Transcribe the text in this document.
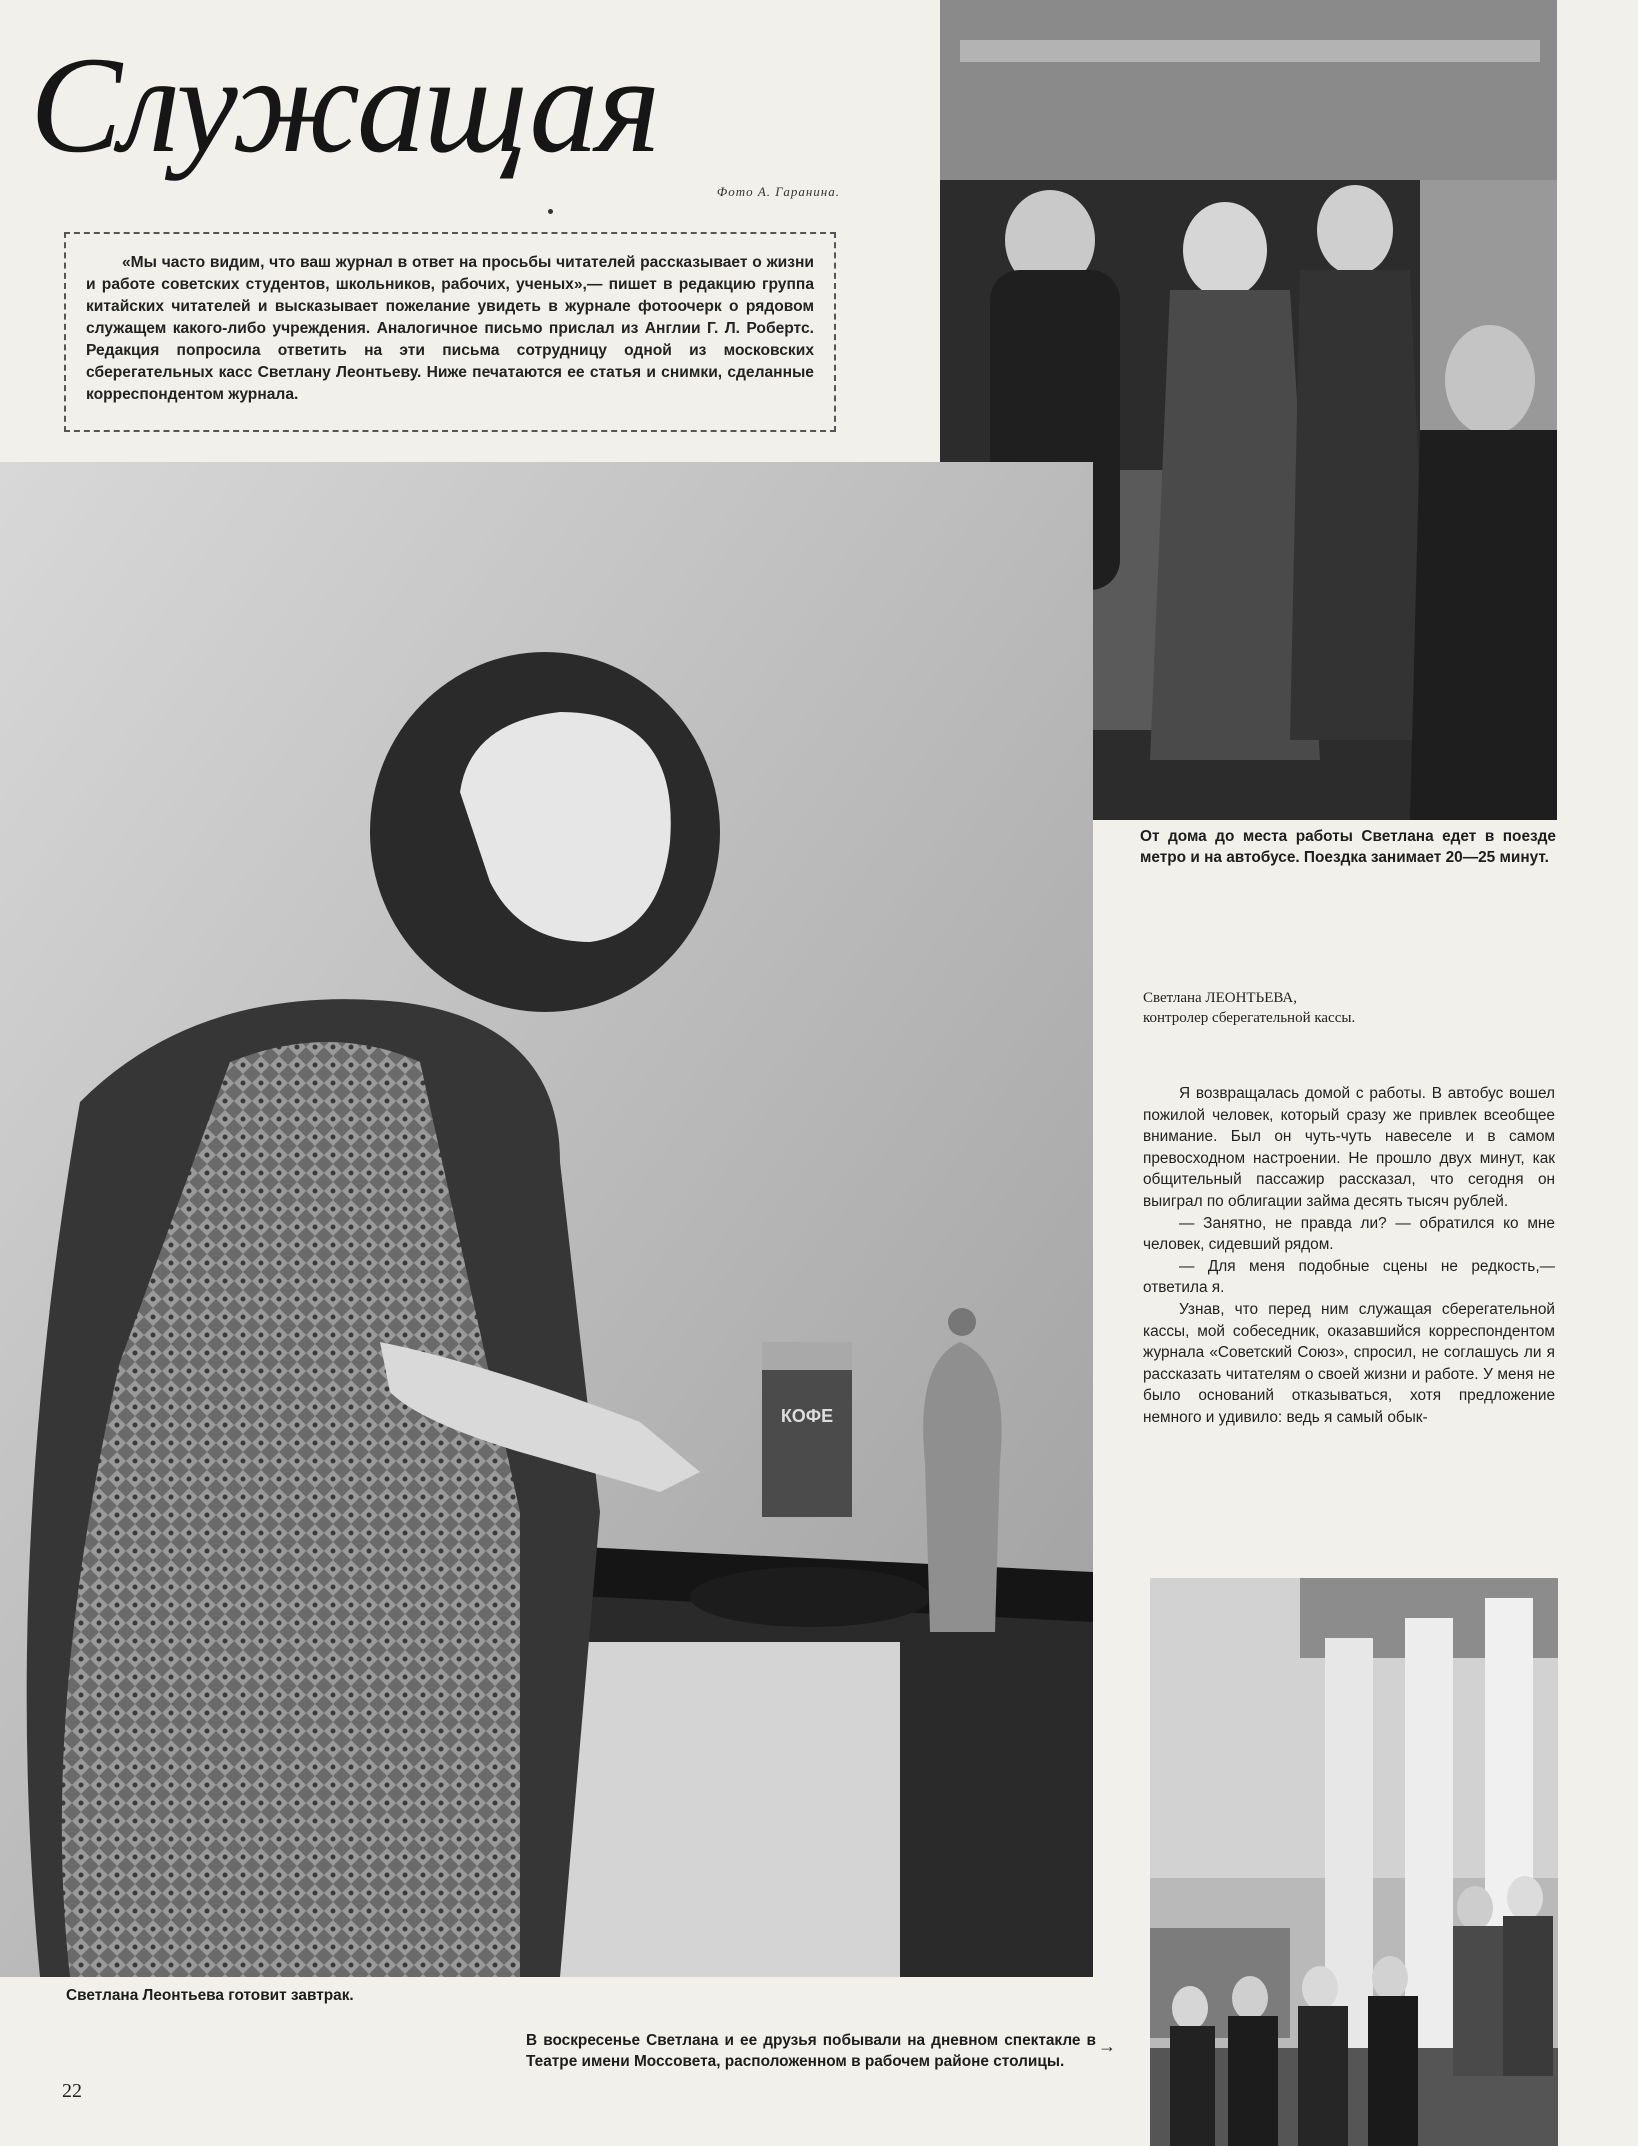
Служащая
Фото А. Гаранина.
«Мы часто видим, что ваш журнал в ответ на просьбы читателей рассказывает о жизни и работе советских студентов, школьников, рабочих, ученых»,— пишет в редакцию группа китайских читателей и высказывает пожелание увидеть в журнале фотоочерк о рядовом служащем какого-либо учреждения. Аналогичное письмо прислал из Англии Г. Л. Робертс. Редакция попросила ответить на эти письма сотрудницу одной из московских сберегательных касс Светлану Леонтьеву. Ниже печатаются ее статья и снимки, сделанные корреспондентом журнала.
От дома до места работы Светлана едет в поезде метро и на автобусе. Поездка занимает 20—25 минут.
КОФЕ
Светлана Леонтьева готовит завтрак.
Светлана ЛЕОНТЬЕВА,
контролер сберегательной кассы.

Я возвращалась домой с работы. В автобус вошел пожилой человек, который сразу же привлек всеобщее внимание. Был он чуть-чуть навеселе и в самом превосходном настроении. Не прошло двух минут, как общительный пассажир рассказал, что сегодня он выиграл по облигации займа десять тысяч рублей.

— Занятно, не правда ли? — обратился ко мне человек, сидевший рядом.

— Для меня подобные сцены не редкость,— ответила я.

Узнав, что перед ним служащая сберегательной кассы, мой собеседник, оказавшийся корреспондентом журнала «Советский Союз», спросил, не соглашусь ли я рассказать читателям о своей жизни и работе. У меня не было оснований отказываться, хотя предложение немного и удивило: ведь я самый обык-

В воскресенье Светлана и ее друзья побывали на дневном спектакле в Театре имени Моссовета, расположенном в рабочем районе столицы.
→
22
